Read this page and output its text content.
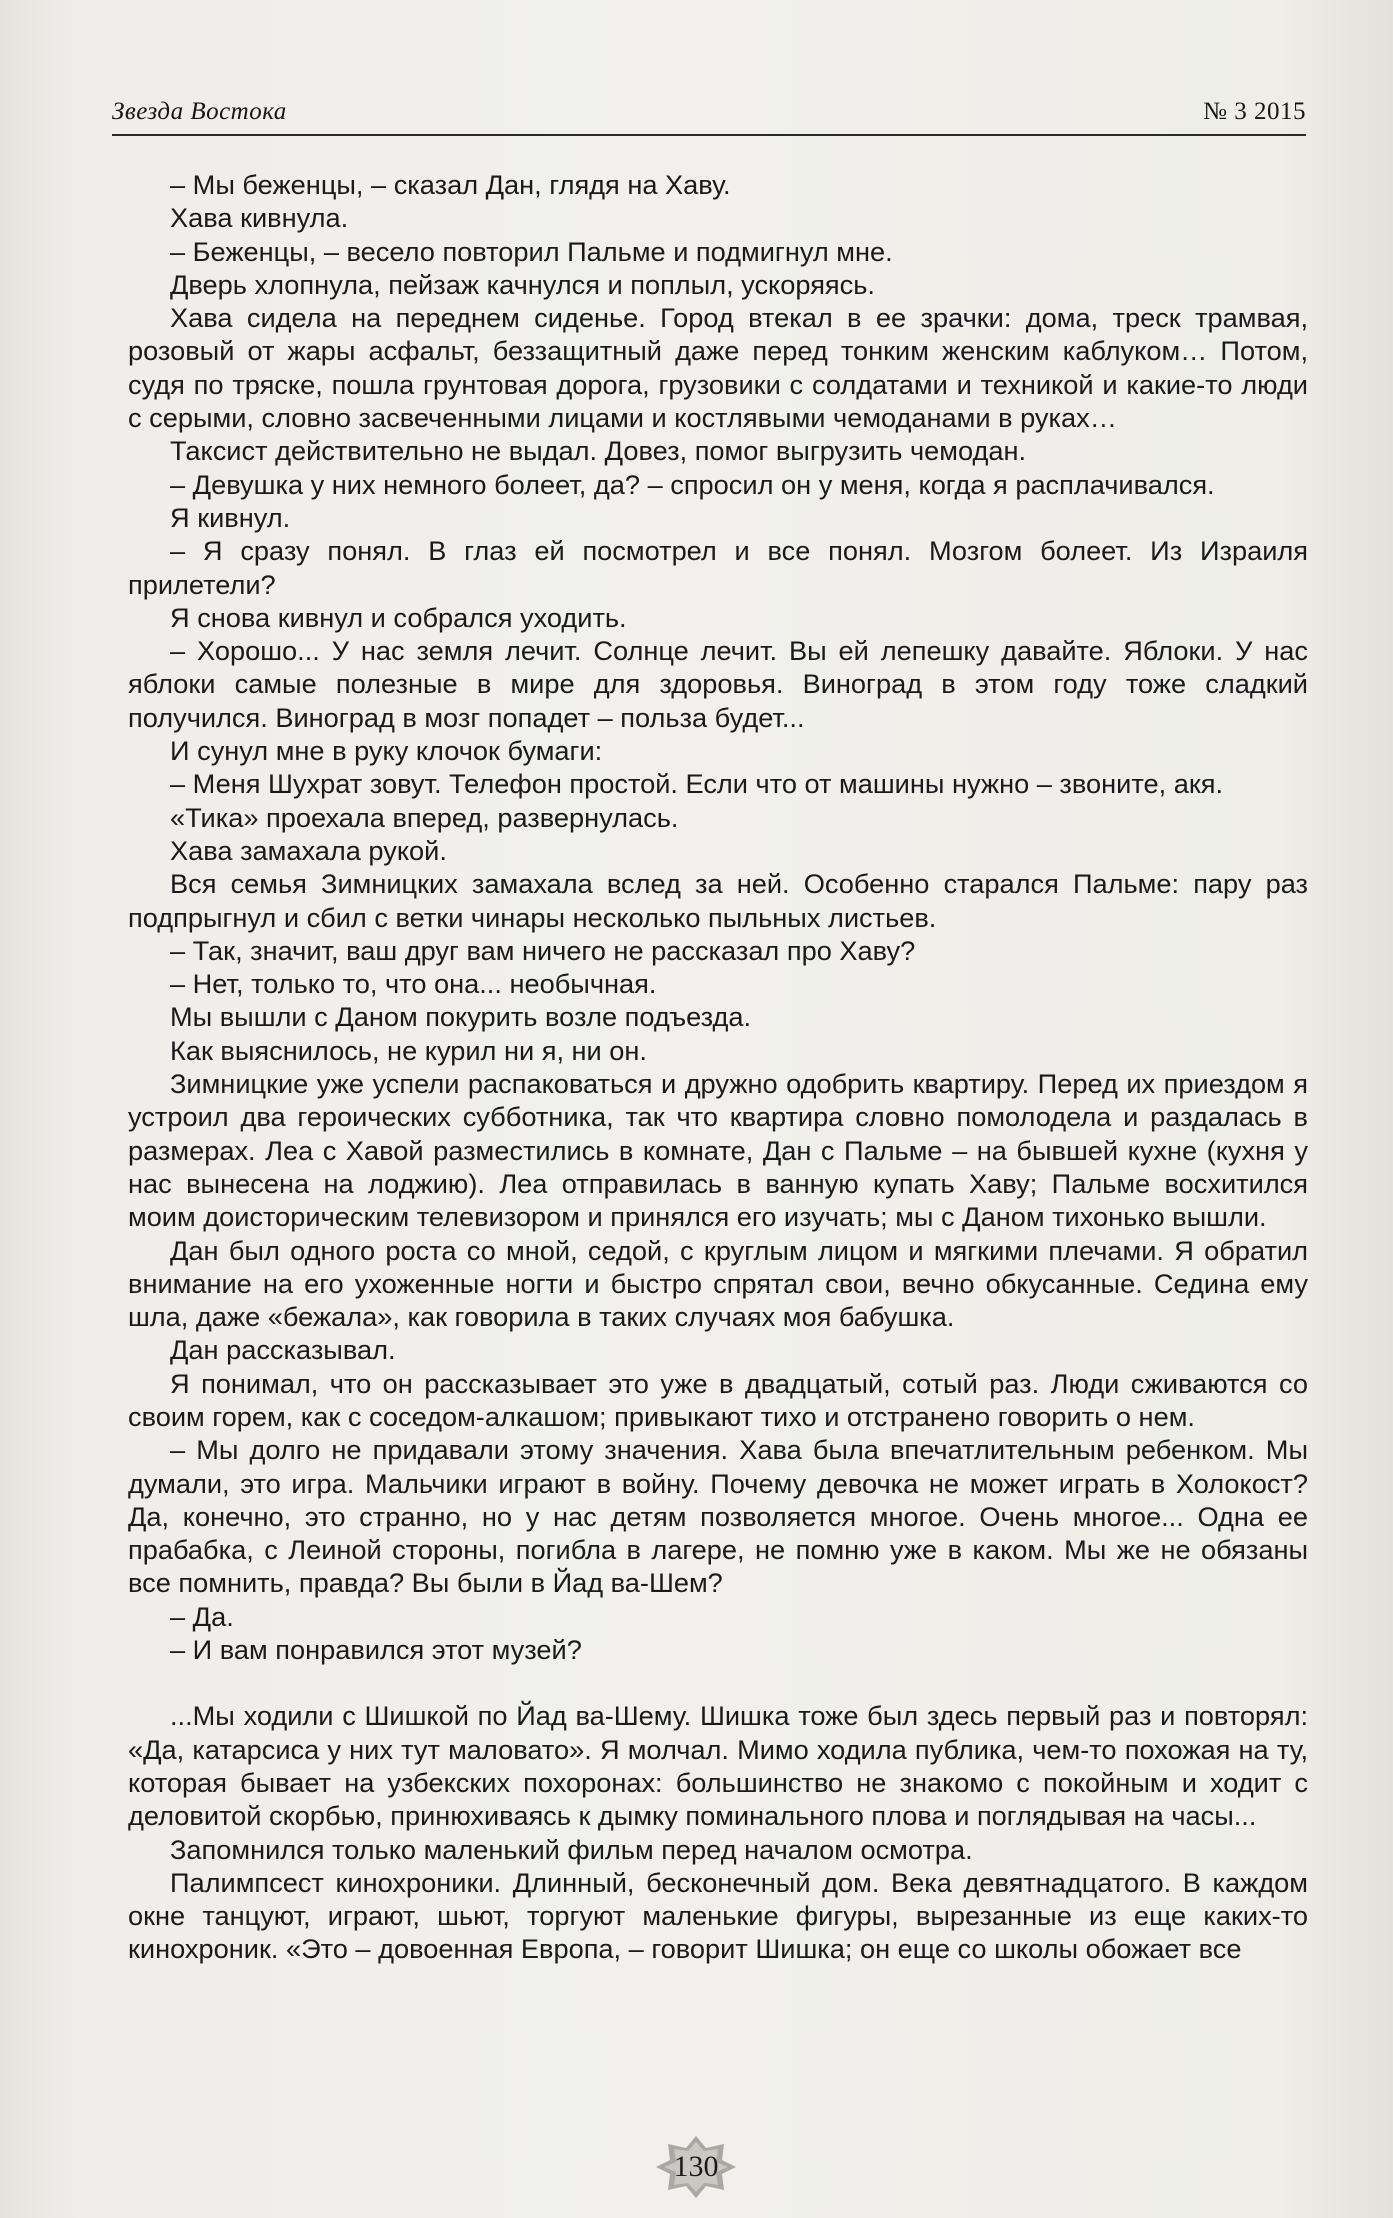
Звезда Востока	№ 3 2015

– Мы беженцы, – сказал Дан, глядя на Хаву.

Хава кивнула.

– Беженцы, – весело повторил Пальме и подмигнул мне.

Дверь хлопнула, пейзаж качнулся и поплыл, ускоряясь.

Хава сидела на переднем сиденье. Город втекал в ее зрачки: дома, треск трамвая, розовый от жары асфальт, беззащитный даже перед тонким женским каблуком… Потом, судя по тряске, пошла грунтовая дорога, грузовики с солдатами и техникой и какие-то люди с серыми, словно засвеченными лицами и костлявыми чемоданами в руках…

Таксист действительно не выдал. Довез, помог выгрузить чемодан.

– Девушка у них немного болеет, да? – спросил он у меня, когда я расплачивался.

Я кивнул.

– Я сразу понял. В глаз ей посмотрел и все понял. Мозгом болеет. Из Израиля прилетели?

Я снова кивнул и собрался уходить.

– Хорошо... У нас земля лечит. Солнце лечит. Вы ей лепешку давайте. Яблоки. У нас яблоки самые полезные в мире для здоровья. Виноград в этом году тоже сладкий получился. Виноград в мозг попадет – польза будет...

И сунул мне в руку клочок бумаги:

– Меня Шухрат зовут. Телефон простой. Если что от машины нужно – звоните, акя.

«Тика» проехала вперед, развернулась.

Хава замахала рукой.

Вся семья Зимницких замахала вслед за ней. Особенно старался Пальме: пару раз подпрыгнул и сбил с ветки чинары несколько пыльных листьев.

– Так, значит, ваш друг вам ничего не рассказал про Хаву?

– Нет, только то, что она... необычная.

Мы вышли с Даном покурить возле подъезда.

Как выяснилось, не курил ни я, ни он.

Зимницкие уже успели распаковаться и дружно одобрить квартиру. Перед их приездом я устроил два героических субботника, так что квартира словно помолодела и раздалась в размерах. Леа с Хавой разместились в комнате, Дан с Пальме – на бывшей кухне (кухня у нас вынесена на лоджию). Леа отправилась в ванную купать Хаву; Пальме восхитился моим доисторическим телевизором и принялся его изучать; мы с Даном тихонько вышли.

Дан был одного роста со мной, седой, с круглым лицом и мягкими плечами. Я обратил внимание на его ухоженные ногти и быстро спрятал свои, вечно обкусанные. Седина ему шла, даже «бежала», как говорила в таких случаях моя бабушка.

Дан рассказывал.

Я понимал, что он рассказывает это уже в двадцатый, сотый раз. Люди сживаются со своим горем, как с соседом-алкашом; привыкают тихо и отстранено говорить о нем.

– Мы долго не придавали этому значения. Хава была впечатлительным ребенком. Мы думали, это игра. Мальчики играют в войну. Почему девочка не может играть в Холокост? Да, конечно, это странно, но у нас детям позволяется многое. Очень многое... Одна ее прабабка, с Леиной стороны, погибла в лагере, не помню уже в каком. Мы же не обязаны все помнить, правда? Вы были в Йад ва-Шем?

– Да.

– И вам понравился этот музей?

...Мы ходили с Шишкой по Йад ва-Шему. Шишка тоже был здесь первый раз и повторял: «Да, катарсиса у них тут маловато». Я молчал. Мимо ходила публика, чем-то похожая на ту, которая бывает на узбекских похоронах: большинство не знакомо с покойным и ходит с деловитой скорбью, принюхиваясь к дымку поминального плова и поглядывая на часы...

Запомнился только маленький фильм перед началом осмотра.

Палимпсест кинохроники. Длинный, бесконечный дом. Века девятнадцатого. В каждом окне танцуют, играют, шьют, торгуют маленькие фигуры, вырезанные из еще каких-то кинохроник. «Это – довоенная Европа, – говорит Шишка; он еще со школы обожает все

130
